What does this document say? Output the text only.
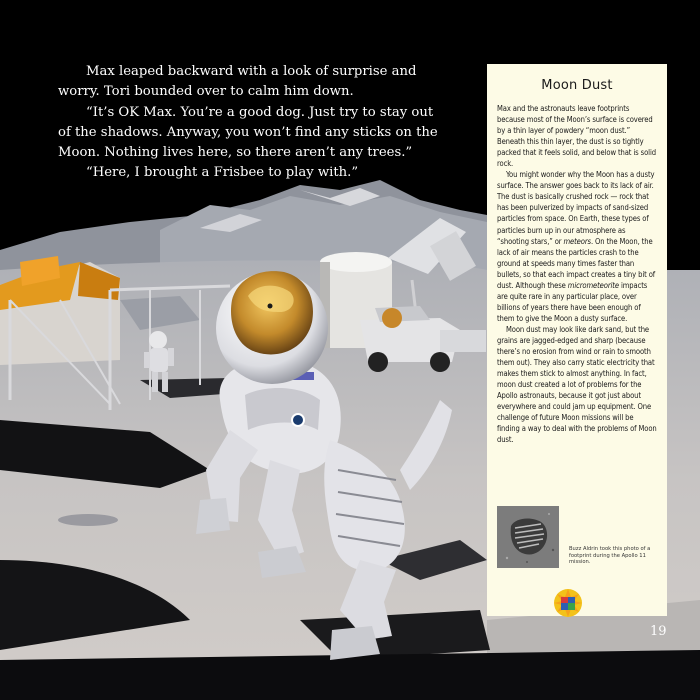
Max leaped backward with a look of surprise and worry. Tori bounded over to calm him down.

“It’s OK Max. You’re a good dog. Just try to stay out of the shadows. Anyway, you won’t find any sticks on the Moon. Nothing lives here, so there aren’t any trees.”

“Here, I brought a Frisbee to play with.”

Moon Dust

Max and the astronauts leave footprints because most of the Moon’s surface is covered by a thin layer of powdery “moon dust.” Beneath this thin layer, the dust is so tightly packed that it feels solid, and below that is solid rock.

You might wonder why the Moon has a dusty surface. The answer goes back to its lack of air. The dust is basically crushed rock — rock that has been pulverized by impacts of sand-sized particles from space. On Earth, these types of particles burn up in our atmosphere as “shooting stars,” or meteors. On the Moon, the lack of air means the particles crash to the ground at speeds many times faster than bullets, so that each impact creates a tiny bit of dust. Although these micrometeorite impacts are quite rare in any particular place, over billions of years there have been enough of them to give the Moon a dusty surface.

Moon dust may look like dark sand, but the grains are jagged-edged and sharp (because there’s no erosion from wind or rain to smooth them out). They also carry static electricity that makes them stick to almost anything. In fact, moon dust created a lot of problems for the Apollo astronauts, because it got just about everywhere and could jam up equipment. One challenge of future Moon missions will be finding a way to deal with the problems of Moon dust.

Buzz Aldrin took this photo of a footprint during the Apollo 11 mission.
19
